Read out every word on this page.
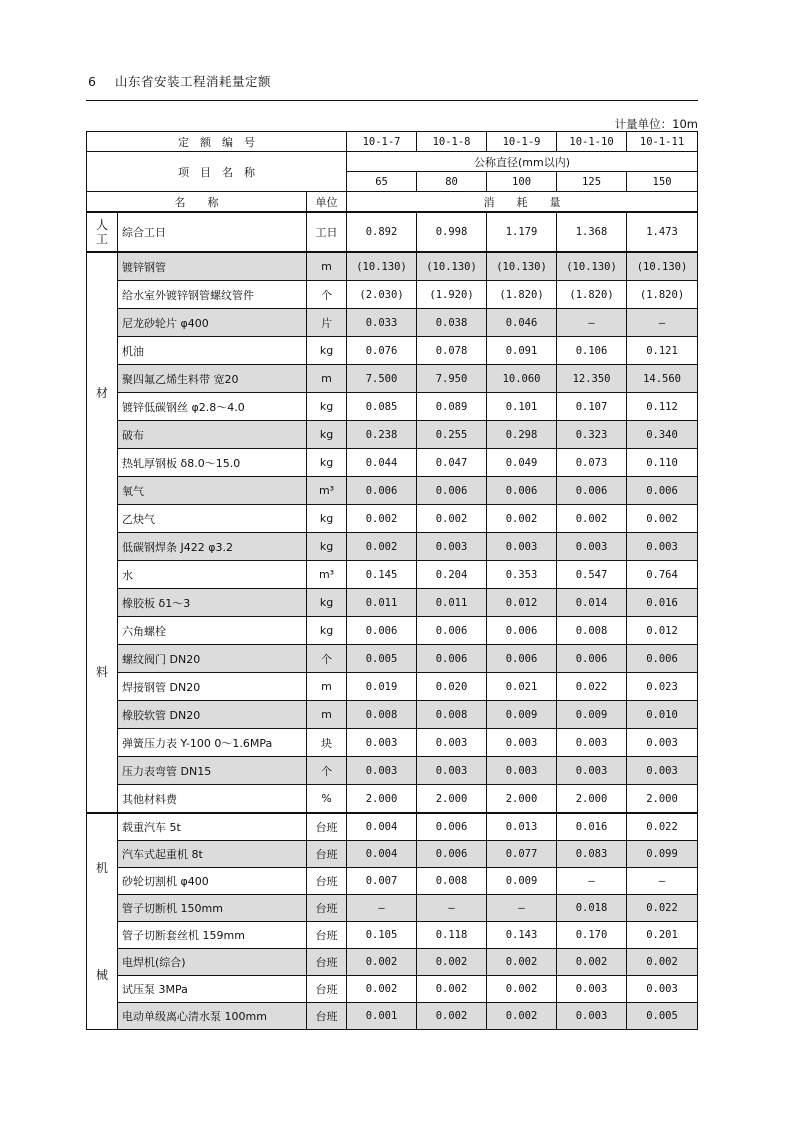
6 山东省安装工程消耗量定额
计量单位：10m
定　额　编　号			10-1-7	10-1-8	10-1-9	10-1-10	10-1-11
项　目　名　称			公称直径(mm以内)				
			65	80	100	125	150
名　　称		单位	消　　耗　　量				

人
工	综合工日	工日	0.892	0.998	1.179	1.368	1.473

材
料	镀锌钢管	m	(10.130)	(10.130)	(10.130)	(10.130)	(10.130)
	给水室外镀锌钢管螺纹管件	个	(2.030)	(1.920)	(1.820)	(1.820)	(1.820)
	尼龙砂轮片 φ400	片	0.033	0.038	0.046	—	—
	机油	kg	0.076	0.078	0.091	0.106	0.121
	聚四氟乙烯生料带 宽20	m	7.500	7.950	10.060	12.350	14.560
	镀锌低碳钢丝 φ2.8～4.0	kg	0.085	0.089	0.101	0.107	0.112
	破布	kg	0.238	0.255	0.298	0.323	0.340
	热轧厚钢板 δ8.0～15.0	kg	0.044	0.047	0.049	0.073	0.110
	氧气	m³	0.006	0.006	0.006	0.006	0.006
	乙炔气	kg	0.002	0.002	0.002	0.002	0.002
	低碳钢焊条 J422 φ3.2	kg	0.002	0.003	0.003	0.003	0.003
	水	m³	0.145	0.204	0.353	0.547	0.764
	橡胶板 δ1～3	kg	0.011	0.011	0.012	0.014	0.016
	六角螺栓	kg	0.006	0.006	0.006	0.008	0.012
	螺纹阀门 DN20	个	0.005	0.006	0.006	0.006	0.006
	焊接钢管 DN20	m	0.019	0.020	0.021	0.022	0.023
	橡胶软管 DN20	m	0.008	0.008	0.009	0.009	0.010
	弹簧压力表 Y-100 0～1.6MPa	块	0.003	0.003	0.003	0.003	0.003
	压力表弯管 DN15	个	0.003	0.003	0.003	0.003	0.003
	其他材料费	%	2.000	2.000	2.000	2.000	2.000

机
械	载重汽车 5t	台班	0.004	0.006	0.013	0.016	0.022
	汽车式起重机 8t	台班	0.004	0.006	0.077	0.083	0.099
	砂轮切割机 φ400	台班	0.007	0.008	0.009	—	—
	管子切断机 150mm	台班	—	—	—	0.018	0.022
	管子切断套丝机 159mm	台班	0.105	0.118	0.143	0.170	0.201
	电焊机(综合)	台班	0.002	0.002	0.002	0.002	0.002
	试压泵 3MPa	台班	0.002	0.002	0.002	0.003	0.003
	电动单级离心清水泵 100mm	台班	0.001	0.002	0.002	0.003	0.005
